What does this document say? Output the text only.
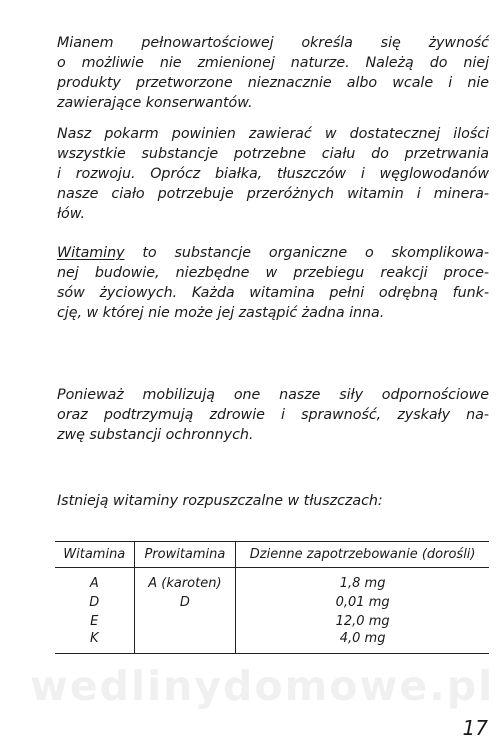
Mianem pełnowartościowej określa się żywność
o możliwie nie zmienionej naturze. Należą do niej
produkty przetworzone nieznacznie albo wcale i nie
zawierające konserwantów.

Nasz pokarm powinien zawierać w dostatecznej ilości
wszystkie substancje potrzebne ciału do przetrwania
i rozwoju. Oprócz białka, tłuszczów i węglowodanów
nasze ciało potrzebuje przeróżnych witamin i minera-
łów.

Witaminy to substancje organiczne o skomplikowa-
nej budowie, niezbędne w przebiegu reakcji proce-
sów życiowych. Każda witamina pełni odrębną funk-
cję, w której nie może jej zastąpić żadna inna.

Ponieważ mobilizują one nasze siły odpornościowe
oraz podtrzymują zdrowie i sprawność, zyskały na-
zwę substancji ochronnych.

Istnieją witaminy rozpuszczalne w tłuszczach:

Witamina	Prowitamina	Dzienne zapotrzebowanie (dorośli)

A	A (karoten)	1,8 mg
D	D	0,01 mg
E		12,0 mg
K		4,0 mg
wedlinydomowe.pl
17
